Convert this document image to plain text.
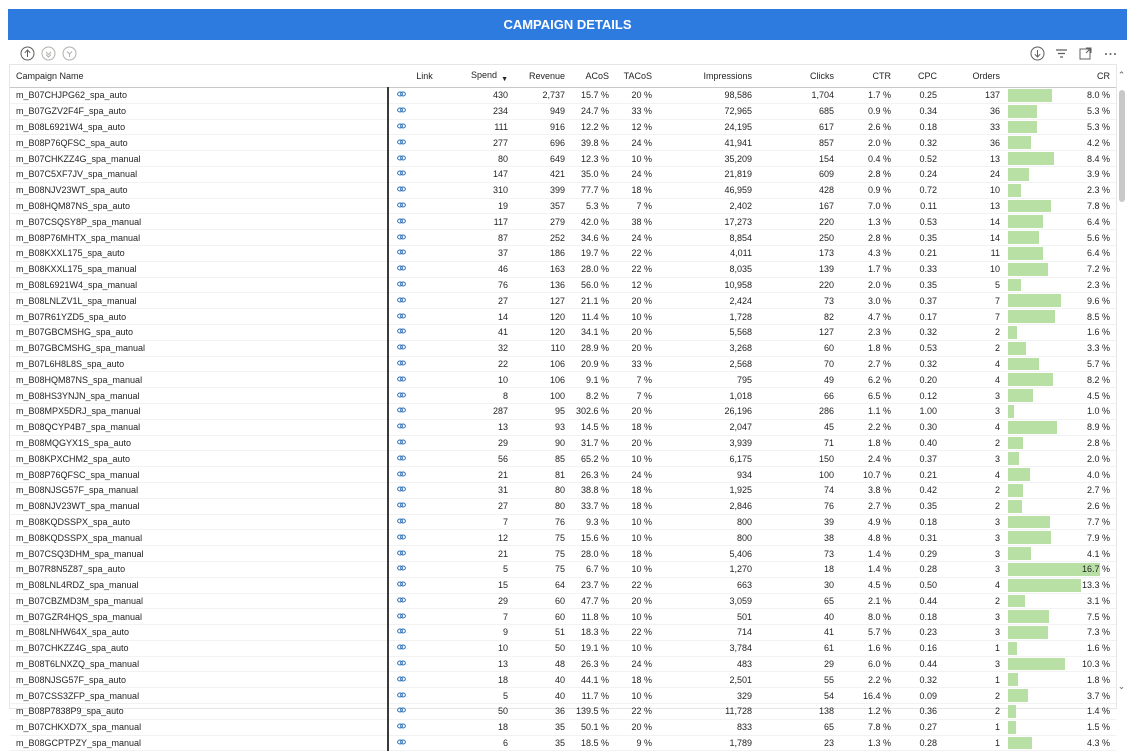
CAMPAIGN DETAILS
Campaign Name	Link	Spend ▼	Revenue	ACoS	TACoS	Impressions	Clicks	CTR	CPC	Orders	CR
m_B07CHJPG62_spa_auto		430	2,737	15.7 %	20 %	98,586	1,704	1.7 %	0.25	137	8.0 %
m_B07GZV2F4F_spa_auto		234	949	24.7 %	33 %	72,965	685	0.9 %	0.34	36	5.3 %
m_B08L6921W4_spa_auto		111	916	12.2 %	12 %	24,195	617	2.6 %	0.18	33	5.3 %
m_B08P76QFSC_spa_auto		277	696	39.8 %	24 %	41,941	857	2.0 %	0.32	36	4.2 %
m_B07CHKZZ4G_spa_manual		80	649	12.3 %	10 %	35,209	154	0.4 %	0.52	13	8.4 %
m_B07C5XF7JV_spa_manual		147	421	35.0 %	24 %	21,819	609	2.8 %	0.24	24	3.9 %
m_B08NJV23WT_spa_auto		310	399	77.7 %	18 %	46,959	428	0.9 %	0.72	10	2.3 %
m_B08HQM87NS_spa_auto		19	357	5.3 %	7 %	2,402	167	7.0 %	0.11	13	7.8 %
m_B07CSQSY8P_spa_manual		117	279	42.0 %	38 %	17,273	220	1.3 %	0.53	14	6.4 %
m_B08P76MHTX_spa_manual		87	252	34.6 %	24 %	8,854	250	2.8 %	0.35	14	5.6 %
m_B08KXXL175_spa_auto		37	186	19.7 %	22 %	4,011	173	4.3 %	0.21	11	6.4 %
m_B08KXXL175_spa_manual		46	163	28.0 %	22 %	8,035	139	1.7 %	0.33	10	7.2 %
m_B08L6921W4_spa_manual		76	136	56.0 %	12 %	10,958	220	2.0 %	0.35	5	2.3 %
m_B08LNLZV1L_spa_manual		27	127	21.1 %	20 %	2,424	73	3.0 %	0.37	7	9.6 %
m_B07R61YZD5_spa_auto		14	120	11.4 %	10 %	1,728	82	4.7 %	0.17	7	8.5 %
m_B07GBCMSHG_spa_auto		41	120	34.1 %	20 %	5,568	127	2.3 %	0.32	2	1.6 %
m_B07GBCMSHG_spa_manual		32	110	28.9 %	20 %	3,268	60	1.8 %	0.53	2	3.3 %
m_B07L6H8L8S_spa_auto		22	106	20.9 %	33 %	2,568	70	2.7 %	0.32	4	5.7 %
m_B08HQM87NS_spa_manual		10	106	9.1 %	7 %	795	49	6.2 %	0.20	4	8.2 %
m_B08HS3YNJN_spa_manual		8	100	8.2 %	7 %	1,018	66	6.5 %	0.12	3	4.5 %
m_B08MPX5DRJ_spa_manual		287	95	302.6 %	20 %	26,196	286	1.1 %	1.00	3	1.0 %
m_B08QCYP4B7_spa_manual		13	93	14.5 %	18 %	2,047	45	2.2 %	0.30	4	8.9 %
m_B08MQGYX1S_spa_auto		29	90	31.7 %	20 %	3,939	71	1.8 %	0.40	2	2.8 %
m_B08KPXCHM2_spa_auto		56	85	65.2 %	10 %	6,175	150	2.4 %	0.37	3	2.0 %
m_B08P76QFSC_spa_manual		21	81	26.3 %	24 %	934	100	10.7 %	0.21	4	4.0 %
m_B08NJSG57F_spa_manual		31	80	38.8 %	18 %	1,925	74	3.8 %	0.42	2	2.7 %
m_B08NJV23WT_spa_manual		27	80	33.7 %	18 %	2,846	76	2.7 %	0.35	2	2.6 %
m_B08KQDSSPX_spa_auto		7	76	9.3 %	10 %	800	39	4.9 %	0.18	3	7.7 %
m_B08KQDSSPX_spa_manual		12	75	15.6 %	10 %	800	38	4.8 %	0.31	3	7.9 %
m_B07CSQ3DHM_spa_manual		21	75	28.0 %	18 %	5,406	73	1.4 %	0.29	3	4.1 %
m_B07R8N5Z87_spa_auto		5	75	6.7 %	10 %	1,270	18	1.4 %	0.28	3	16.7 %
m_B08LNL4RDZ_spa_manual		15	64	23.7 %	22 %	663	30	4.5 %	0.50	4	13.3 %
m_B07CBZMD3M_spa_manual		29	60	47.7 %	20 %	3,059	65	2.1 %	0.44	2	3.1 %
m_B07GZR4HQS_spa_manual		7	60	11.8 %	10 %	501	40	8.0 %	0.18	3	7.5 %
m_B08LNHW64X_spa_auto		9	51	18.3 %	22 %	714	41	5.7 %	0.23	3	7.3 %
m_B07CHKZZ4G_spa_auto		10	50	19.1 %	10 %	3,784	61	1.6 %	0.16	1	1.6 %
m_B08T6LNXZQ_spa_manual		13	48	26.3 %	24 %	483	29	6.0 %	0.44	3	10.3 %
m_B08NJSG57F_spa_auto		18	40	44.1 %	18 %	2,501	55	2.2 %	0.32	1	1.8 %
m_B07CSS3ZFP_spa_manual		5	40	11.7 %	10 %	329	54	16.4 %	0.09	2	3.7 %
m_B08P7838P9_spa_auto		50	36	139.5 %	22 %	11,728	138	1.2 %	0.36	2	1.4 %
m_B07CHKXD7X_spa_manual		18	35	50.1 %	20 %	833	65	7.8 %	0.27	1	1.5 %
m_B08GCPTPZY_spa_manual		6	35	18.5 %	9 %	1,789	23	1.3 %	0.28	1	4.3 %
⌃
⌄
